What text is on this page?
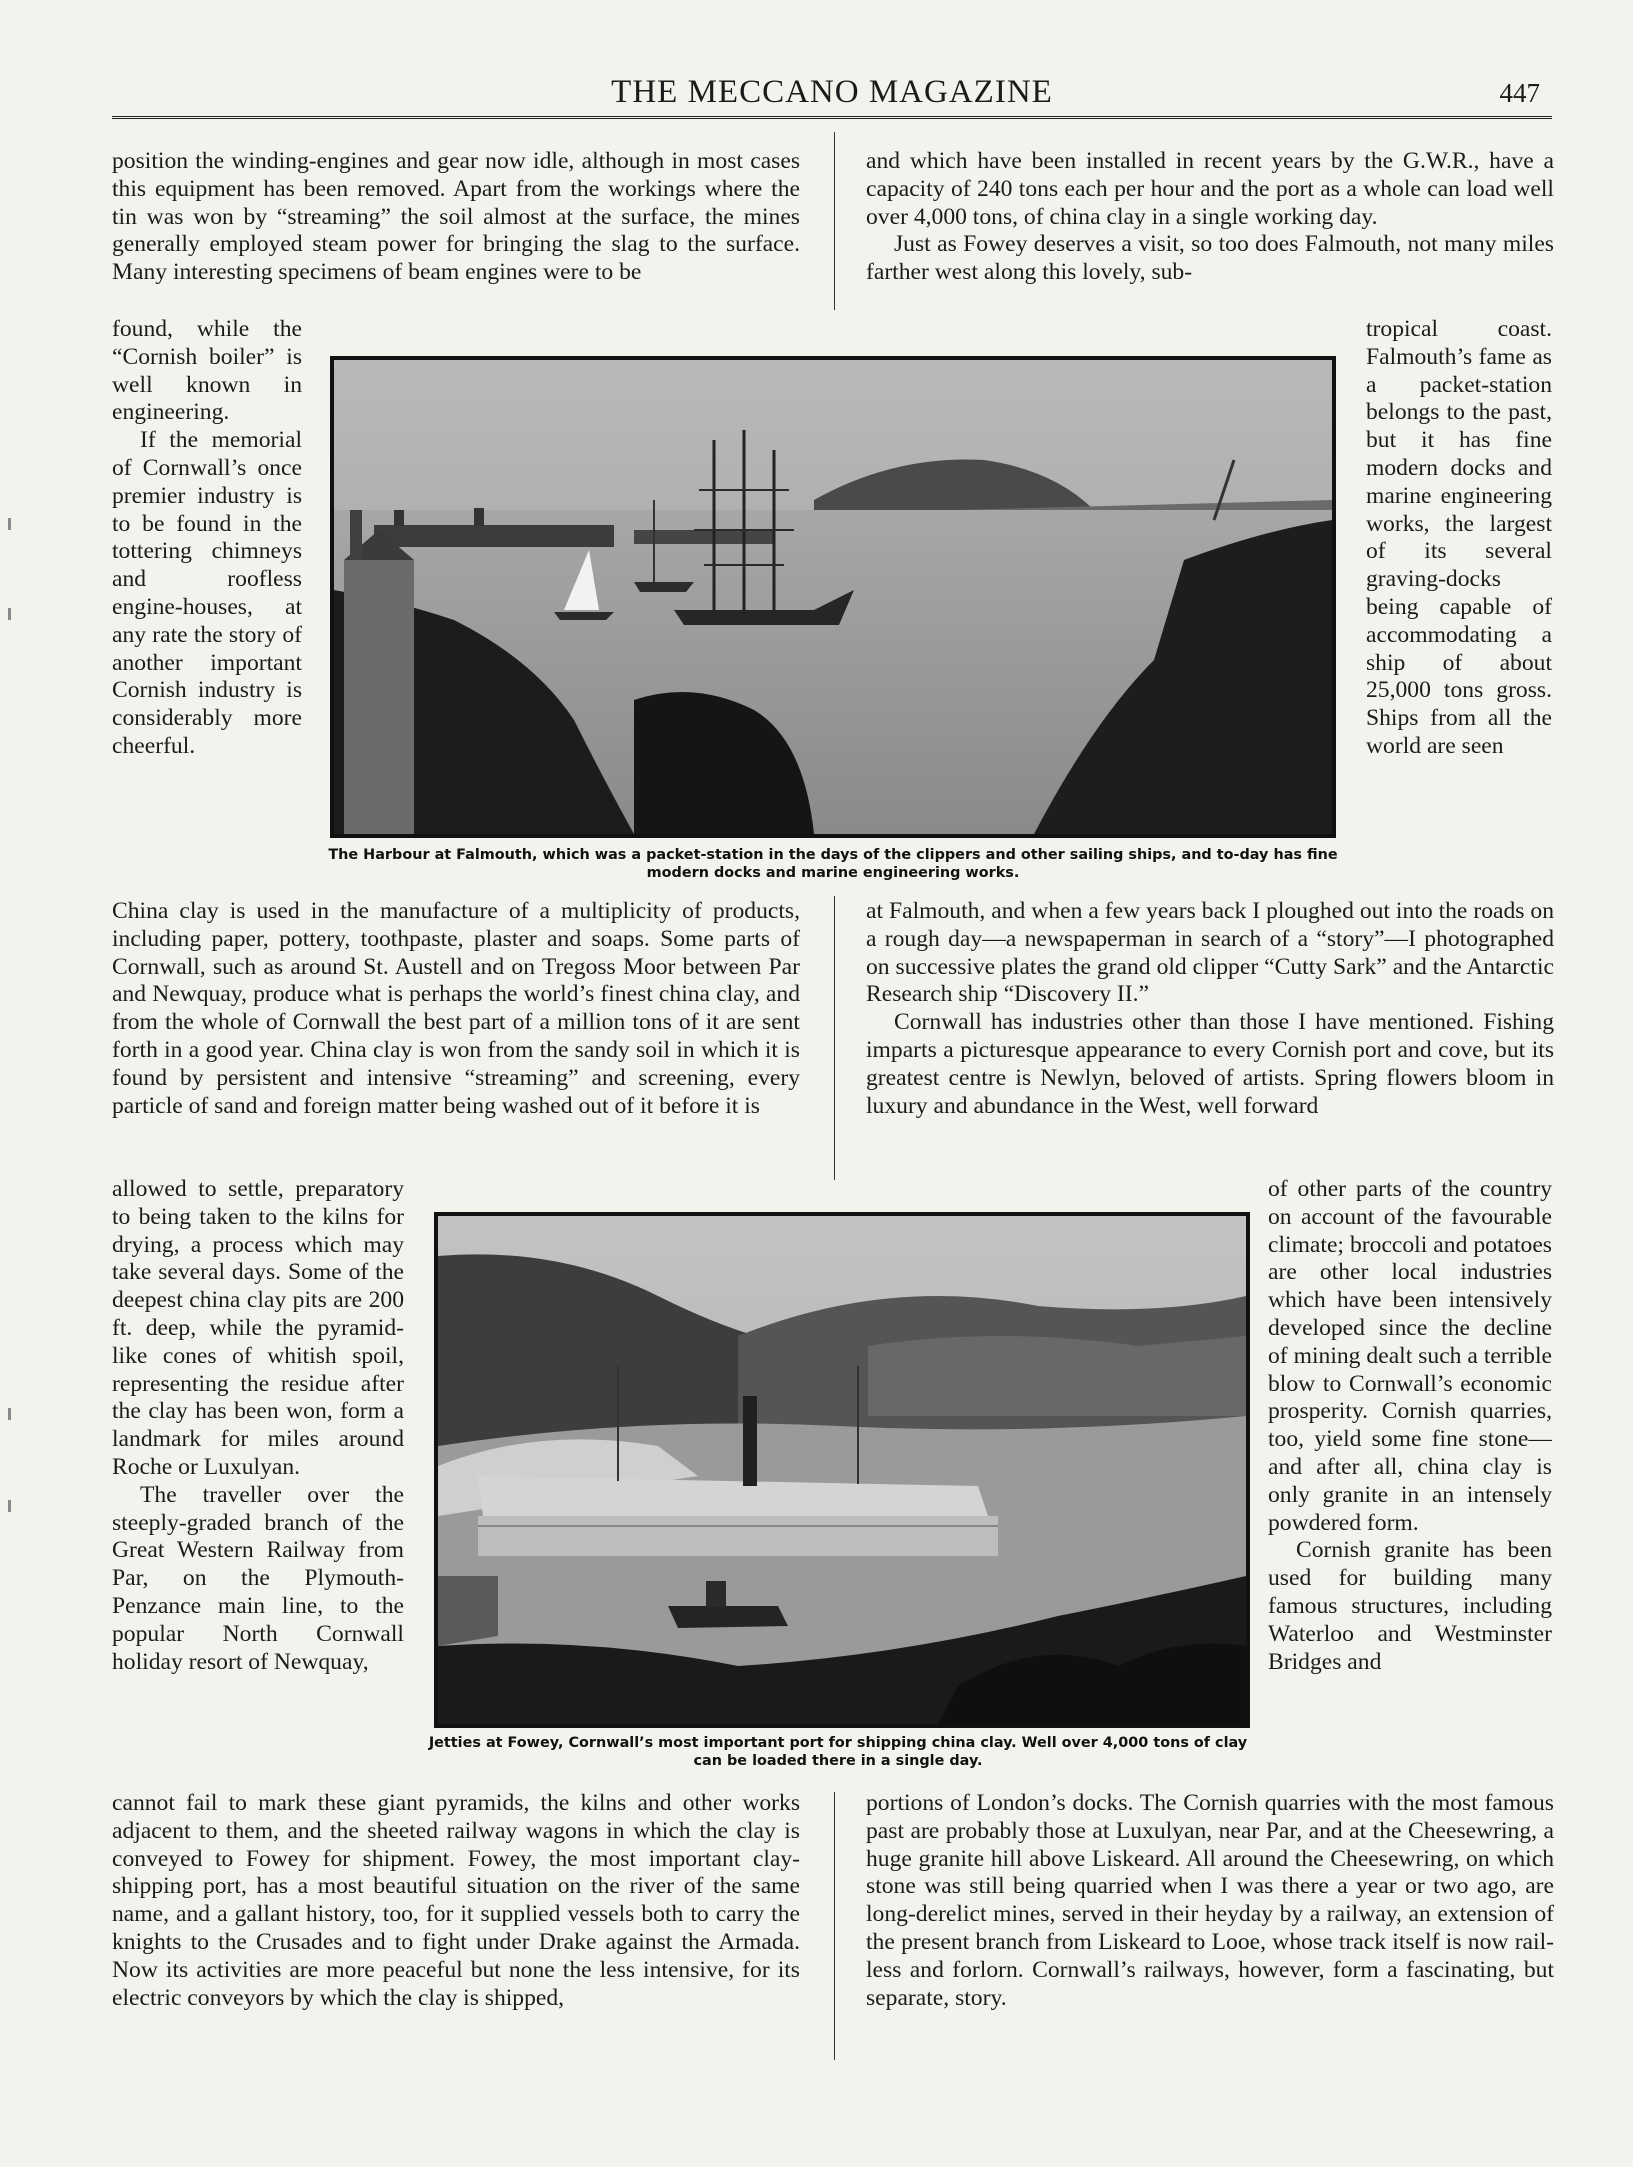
THE MECCANO MAGAZINE	447

position the winding-engines and gear now idle, although in most cases this equipment has been removed. Apart from the workings where the tin was won by “streaming” the soil almost at the surface, the mines generally employed steam power for bringing the slag to the surface. Many interesting specimens of beam engines were to be

and which have been installed in recent years by the G.W.R., have a capacity of 240 tons each per hour and the port as a whole can load well over 4,000 tons, of china clay in a single working day.

Just as Fowey deserves a visit, so too does Falmouth, not many miles farther west along this lovely, sub-

found, while the “Cornish boiler” is well known in engineering.

If the memorial of Cornwall’s once premier industry is to be found in the tottering chimneys and roofless engine-houses, at any rate the story of another important Cornish industry is considerably more cheerful.

The Harbour at Falmouth, which was a packet-station in the days of the clippers and other sailing ships, and to-day has fine modern docks and marine engineering works.

tropical coast. Falmouth’s fame as a packet-station belongs to the past, but it has fine modern docks and marine engineering works, the largest of its several graving-docks being capable of accommodating a ship of about 25,000 tons gross. Ships from all the world are seen

China clay is used in the manufacture of a multiplicity of products, including paper, pottery, toothpaste, plaster and soaps. Some parts of Cornwall, such as around St. Austell and on Tregoss Moor between Par and Newquay, produce what is perhaps the world’s finest china clay, and from the whole of Cornwall the best part of a million tons of it are sent forth in a good year. China clay is won from the sandy soil in which it is found by persistent and intensive “streaming” and screening, every particle of sand and foreign matter being washed out of it before it is

at Falmouth, and when a few years back I ploughed out into the roads on a rough day—a newspaperman in search of a “story”—I photographed on successive plates the grand old clipper “Cutty Sark” and the Antarctic Research ship “Discovery II.”

Cornwall has industries other than those I have mentioned. Fishing imparts a picturesque appearance to every Cornish port and cove, but its greatest centre is Newlyn, beloved of artists. Spring flowers bloom in luxury and abundance in the West, well forward

allowed to settle, preparatory to being taken to the kilns for drying, a process which may take several days. Some of the deepest china clay pits are 200 ft. deep, while the pyramid-like cones of whitish spoil, representing the residue after the clay has been won, form a landmark for miles around Roche or Luxulyan.

The traveller over the steeply-graded branch of the Great Western Railway from Par, on the Plymouth-Penzance main line, to the popular North Cornwall holiday resort of Newquay,

Jetties at Fowey, Cornwall’s most important port for shipping china clay. Well over 4,000 tons of clay can be loaded there in a single day.

of other parts of the country on account of the favourable climate; broccoli and potatoes are other local industries which have been intensively developed since the decline of mining dealt such a terrible blow to Cornwall’s economic prosperity. Cornish quarries, too, yield some fine stone—and after all, china clay is only granite in an intensely powdered form.

Cornish granite has been used for building many famous structures, including Waterloo and Westminster Bridges and

cannot fail to mark these giant pyramids, the kilns and other works adjacent to them, and the sheeted railway wagons in which the clay is conveyed to Fowey for shipment. Fowey, the most important clay-shipping port, has a most beautiful situation on the river of the same name, and a gallant history, too, for it supplied vessels both to carry the knights to the Crusades and to fight under Drake against the Armada. Now its activities are more peaceful but none the less intensive, for its electric conveyors by which the clay is shipped,

portions of London’s docks. The Cornish quarries with the most famous past are probably those at Luxulyan, near Par, and at the Cheesewring, a huge granite hill above Liskeard. All around the Cheesewring, on which stone was still being quarried when I was there a year or two ago, are long-derelict mines, served in their heyday by a railway, an extension of the present branch from Liskeard to Looe, whose track itself is now rail-less and forlorn. Cornwall’s railways, however, form a fascinating, but separate, story.
